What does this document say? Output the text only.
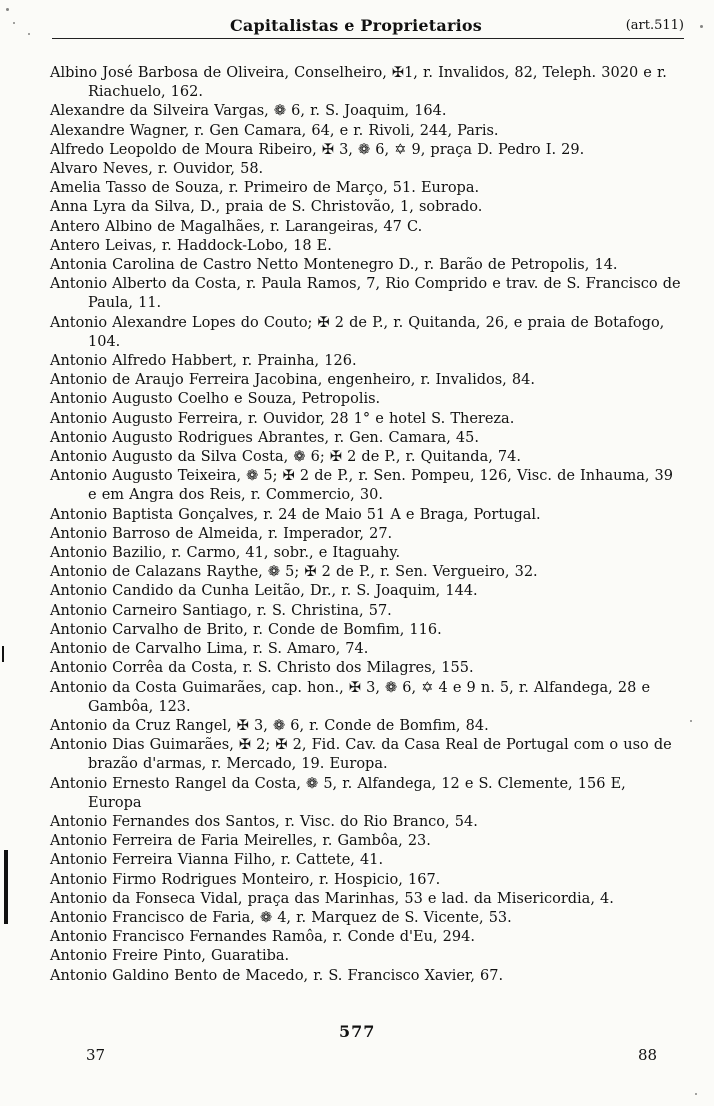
Capitalistas e Proprietarios	(art.511)

Albino José Barbosa de Oliveira, Conselheiro, ✠1, r. Invalidos, 82, Teleph. 3020 e r. Riachuelo, 162.

Alexandre da Silveira Vargas, ❁ 6, r. S. Joaquim, 164.

Alexandre Wagner, r. Gen Camara, 64, e r. Rivoli, 244, Paris.

Alfredo Leopoldo de Moura Ribeiro, ✠ 3, ❁ 6, ✡ 9, praça D. Pedro I. 29.

Alvaro Neves, r. Ouvidor, 58.

Amelia Tasso de Souza, r. Primeiro de Março, 51. Europa.

Anna Lyra da Silva, D., praia de S. Christovão, 1, sobrado.

Antero Albino de Magalhães, r. Larangeiras, 47 C.

Antero Leivas, r. Haddock-Lobo, 18 E.

Antonia Carolina de Castro Netto Montenegro D., r. Barão de Petropolis, 14.

Antonio Alberto da Costa, r. Paula Ramos, 7, Rio Comprido e trav. de S. Francisco de Paula, 11.

Antonio Alexandre Lopes do Couto; ✠ 2 de P., r. Quitanda, 26, e praia de Botafogo, 104.

Antonio Alfredo Habbert, r. Prainha, 126.

Antonio de Araujo Ferreira Jacobina, engenheiro, r. Invalidos, 84.

Antonio Augusto Coelho e Souza, Petropolis.

Antonio Augusto Ferreira, r. Ouvidor, 28 1° e hotel S. Thereza.

Antonio Augusto Rodrigues Abrantes, r. Gen. Camara, 45.

Antonio Augusto da Silva Costa, ❁ 6; ✠ 2 de P., r. Quitanda, 74.

Antonio Augusto Teixeira, ❁ 5; ✠ 2 de P., r. Sen. Pompeu, 126, Visc. de Inhauma, 39 e em Angra dos Reis, r. Commercio, 30.

Antonio Baptista Gonçalves, r. 24 de Maio 51 A e Braga, Portugal.

Antonio Barroso de Almeida, r. Imperador, 27.

Antonio Bazilio, r. Carmo, 41, sobr., e Itaguahy.

Antonio de Calazans Raythe, ❁ 5; ✠ 2 de P., r. Sen. Vergueiro, 32.

Antonio Candido da Cunha Leitão, Dr., r. S. Joaquim, 144.

Antonio Carneiro Santiago, r. S. Christina, 57.

Antonio Carvalho de Brito, r. Conde de Bomfim, 116.

Antonio de Carvalho Lima, r. S. Amaro, 74.

Antonio Corrêa da Costa, r. S. Christo dos Milagres, 155.

Antonio da Costa Guimarães, cap. hon., ✠ 3, ❁ 6, ✡ 4 e 9 n. 5, r. Alfandega, 28 e Gambôa, 123.

Antonio da Cruz Rangel, ✠ 3, ❁ 6, r. Conde de Bomfim, 84.

Antonio Dias Guimarães, ✠ 2; ✠ 2, Fid. Cav. da Casa Real de Portugal com o uso de brazão d'armas, r. Mercado, 19. Europa.

Antonio Ernesto Rangel da Costa, ❁ 5, r. Alfandega, 12 e S. Clemente, 156 E, Europa

Antonio Fernandes dos Santos, r. Visc. do Rio Branco, 54.

Antonio Ferreira de Faria Meirelles, r. Gambôa, 23.

Antonio Ferreira Vianna Filho, r. Cattete, 41.

Antonio Firmo Rodrigues Monteiro, r. Hospicio, 167.

Antonio da Fonseca Vidal, praça das Marinhas, 53 e lad. da Misericordia, 4.

Antonio Francisco de Faria, ❁ 4, r. Marquez de S. Vicente, 53.

Antonio Francisco Fernandes Ramôa, r. Conde d'Eu, 294.

Antonio Freire Pinto, Guaratiba.

Antonio Galdino Bento de Macedo, r. S. Francisco Xavier, 67.

577
37	88
